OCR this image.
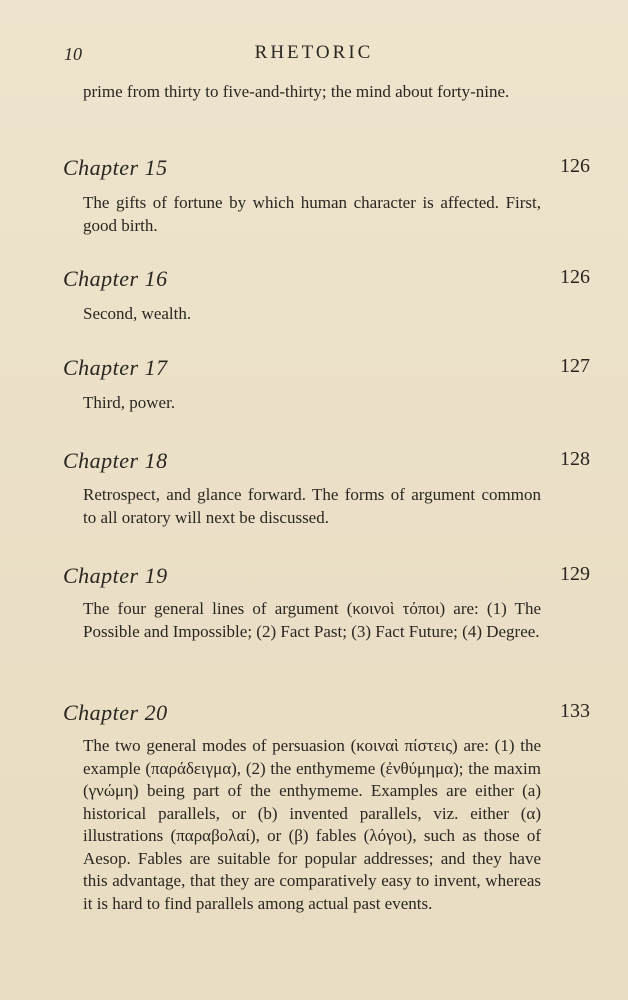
10	RHETORIC

prime from thirty to five-and-thirty; the mind about forty-nine.

Chapter 15	126

The gifts of fortune by which human character is affected. First, good birth.

Chapter 16	126

Second, wealth.

Chapter 17	127

Third, power.

Chapter 18	128

Retrospect, and glance forward. The forms of argument common to all oratory will next be discussed.

Chapter 19	129

The four general lines of argument (κοινοὶ τόποι) are: (1) The Possible and Impossible; (2) Fact Past; (3) Fact Future; (4) Degree.

Chapter 20	133

The two general modes of persuasion (κοιναὶ πίστεις) are: (1) the example (παράδειγμα), (2) the enthymeme (ἐνθύμημα); the maxim (γνώμη) being part of the enthymeme. Examples are either (a) historical parallels, or (b) invented parallels, viz. either (α) illustrations (παραβολαί), or (β) fables (λόγοι), such as those of Aesop. Fables are suitable for popular addresses; and they have this advantage, that they are comparatively easy to invent, whereas it is hard to find parallels among actual past events.
